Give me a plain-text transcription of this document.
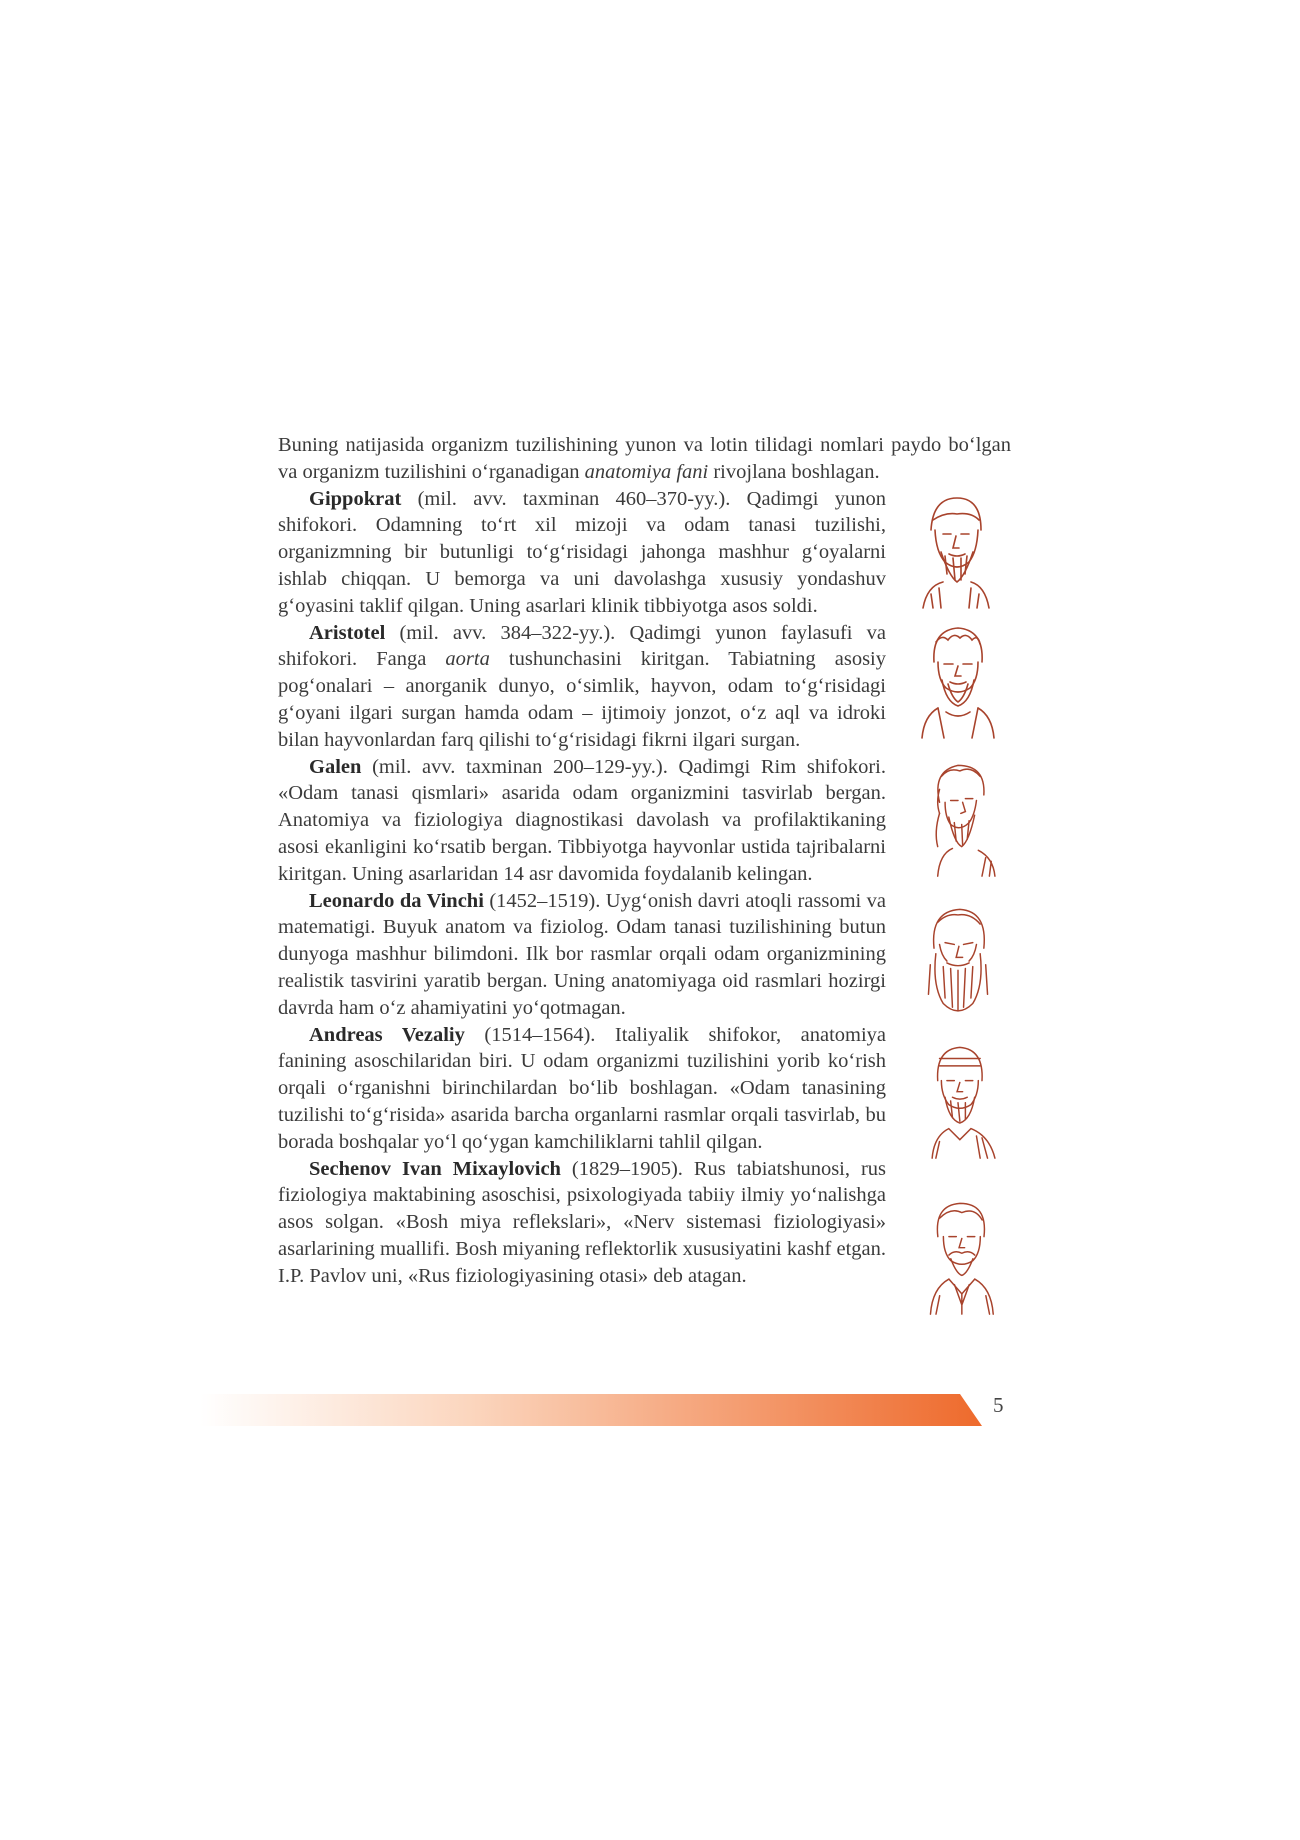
Buning natijasida organizm tuzilishining yunon va lotin tilidagi nomlari paydo bo‘lgan va organizm tuzilishini o‘rganadigan anatomiya fani rivojlana boshlagan.

Gippokrat (mil. avv. taxminan 460–370-yy.). Qadimgi yunon shifokori. Odamning to‘rt xil mizoji va odam tanasi tuzilishi, organizmning bir butunligi to‘g‘risidagi jahonga mashhur g‘oyalarni ishlab chiqqan. U bemorga va uni davolashga xususiy yondashuv g‘oyasini taklif qilgan. Uning asarlari klinik tibbiyotga asos soldi.

Aristotel (mil. avv. 384–322-yy.). Qadimgi yunon faylasufi va shifokori. Fanga aorta tushunchasini kiritgan. Tabiatning asosiy pog‘onalari – anorganik dunyo, o‘simlik, hayvon, odam to‘g‘risidagi g‘oyani ilgari surgan hamda odam – ijtimoiy jonzot, o‘z aql va idroki bilan hayvonlardan farq qilishi to‘g‘risidagi fikrni ilgari surgan.

Galen (mil. avv. taxminan 200–129-yy.). Qadimgi Rim shifokori. «Odam tanasi qismlari» asarida odam organizmini tasvirlab bergan. Anatomiya va fiziologiya diagnostikasi davolash va profilaktikaning asosi ekanligini ko‘rsatib bergan. Tibbiyotga hayvonlar ustida tajribalarni kiritgan. Uning asarlaridan 14 asr davomida foydalanib kelingan.

Leonardo da Vinchi (1452–1519). Uyg‘onish davri atoqli rassomi va matematigi. Buyuk anatom va fiziolog. Odam tanasi tuzilishining butun dunyoga mashhur bilimdoni. Ilk bor rasmlar orqali odam organizmining realistik tasvirini yaratib bergan. Uning anatomiyaga oid rasmlari hozirgi davrda ham o‘z ahamiyatini yo‘qotmagan.

Andreas Vezaliy (1514–1564). Italiyalik shifokor, anatomiya fanining asoschilaridan biri. U odam organizmi tuzilishini yorib ko‘rish orqali o‘rganishni birinchilardan bo‘lib boshlagan. «Odam tanasining tuzilishi to‘g‘risida» asarida barcha organlarni rasmlar orqali tasvirlab, bu borada boshqalar yo‘l qo‘ygan kamchiliklarni tahlil qilgan.

Sechenov Ivan Mixaylovich (1829–1905). Rus tabiatshunosi, rus fiziologiya maktabining asoschisi, psixologiyada tabiiy ilmiy yo‘nalishga asos solgan. «Bosh miya reflekslari», «Nerv sistemasi fiziologiyasi» asarlarining muallifi. Bosh miyaning reflektorlik xususiyatini kashf etgan. I.P. Pavlov uni, «Rus fiziologiyasining otasi» deb atagan.

5
